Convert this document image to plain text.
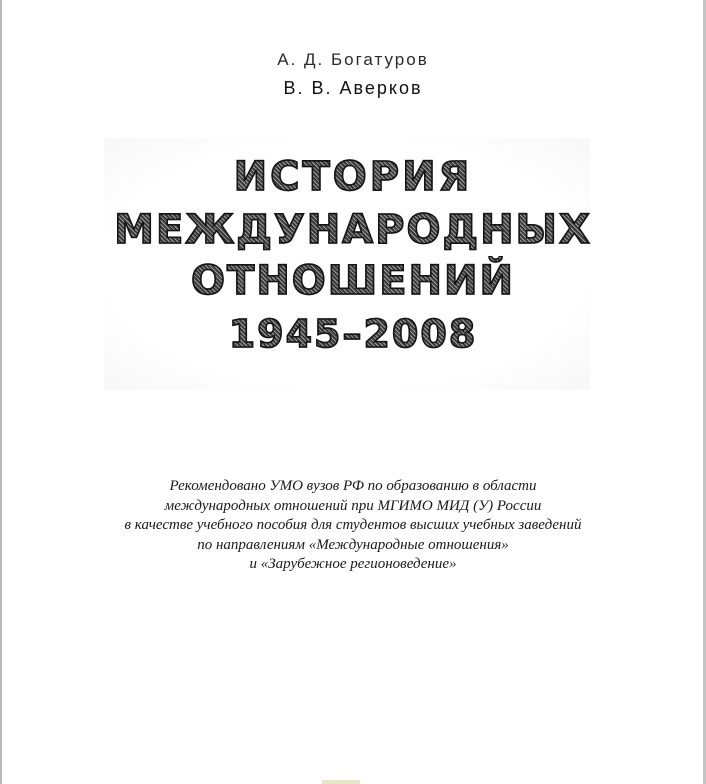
А. Д. Богатуров
В. В. Аверков
ИСТОРИЯ
МЕЖДУНАРОДНЫХ
ОТНОШЕНИЙ
1945–2008
Рекомендовано УМО вузов РФ по образованию в области
международных отношений при МГИМО МИД (У) России
в качестве учебного пособия для студентов высших учебных заведений
по направлениям «Международные отношения»
и «Зарубежное регионоведение»
